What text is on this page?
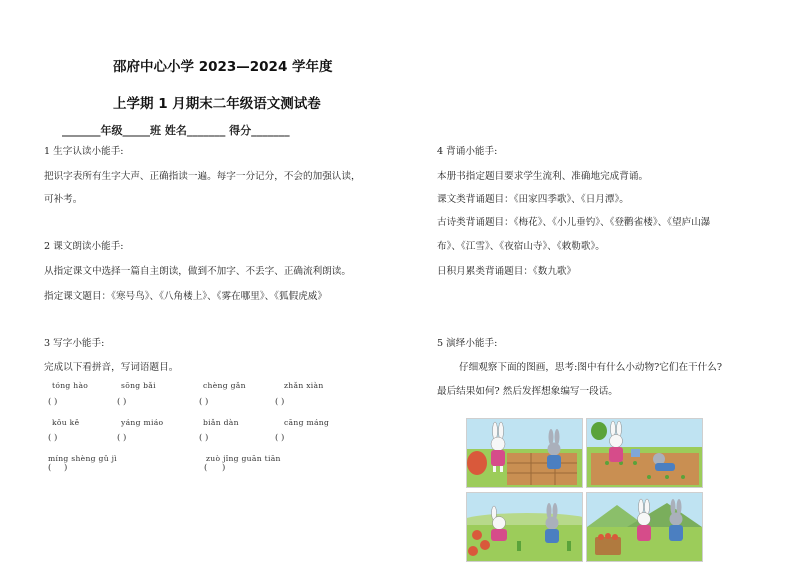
邵府中心小学 2023—2024 学年度
上学期 1 月期末二年级语文测试卷
_______年级_____班 姓名_______ 得分_______
1 生字认读小能手:
把识字表所有生字大声、正确指读一遍。每字一分记分，不会的加强认读，
可补考。
2 课文朗读小能手:
从指定课文中选择一篇自主朗读，做到不加字、不丢字、正确流利朗读。
指定课文题目：《寒号鸟》、《八角楼上》、《雾在哪里》、《狐假虎威》
3 写字小能手:
完成以下看拼音，写词语题目。
tóng hào	sōng bǎi	chèng gǎn	zhǎn xiàn
( )	( )	( )	( )
kǒu kě	yáng miáo	biǎn dàn	cāng máng
( )	( )	( )	( )
míng shèng gǔ jì	zuò jǐng guān tiān
( )	( )
4 背诵小能手:
本册书指定题目要求学生流利、准确地完成背诵。
课文类背诵题目：《田家四季歌》、《日月潭》。
古诗类背诵题目：《梅花》、《小儿垂钓》、《登鹳雀楼》、《望庐山瀑
布》、《江雪》、《夜宿山寺》、《敕勒歌》。
日积月累类背诵题目：《数九歌》
5 演绎小能手:
仔细观察下面的图画，思考:图中有什么小动物?它们在干什么?
最后结果如何? 然后发挥想象编写一段话。
